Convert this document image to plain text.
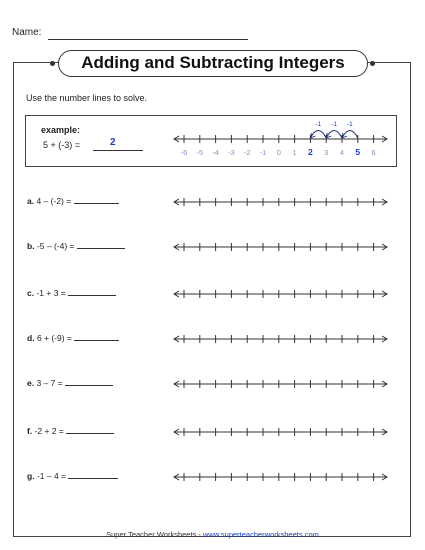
Name:
Adding and Subtracting Integers
Use the number lines to solve.
example:
5 + (-3) =	2
a. 4 – (-2) =
b. -5 – (-4) =
c. -1 + 3 =
d. 6 + (-9) =
e. 3 – 7 =
f. -2 + 2 =
g. -1 – 4 =
-6 -5 -4 -3 -2 -1 0 1 2 3 4 5 6
-1
-1
-1
Super Teacher Worksheets - www.superteacherworksheets.com
